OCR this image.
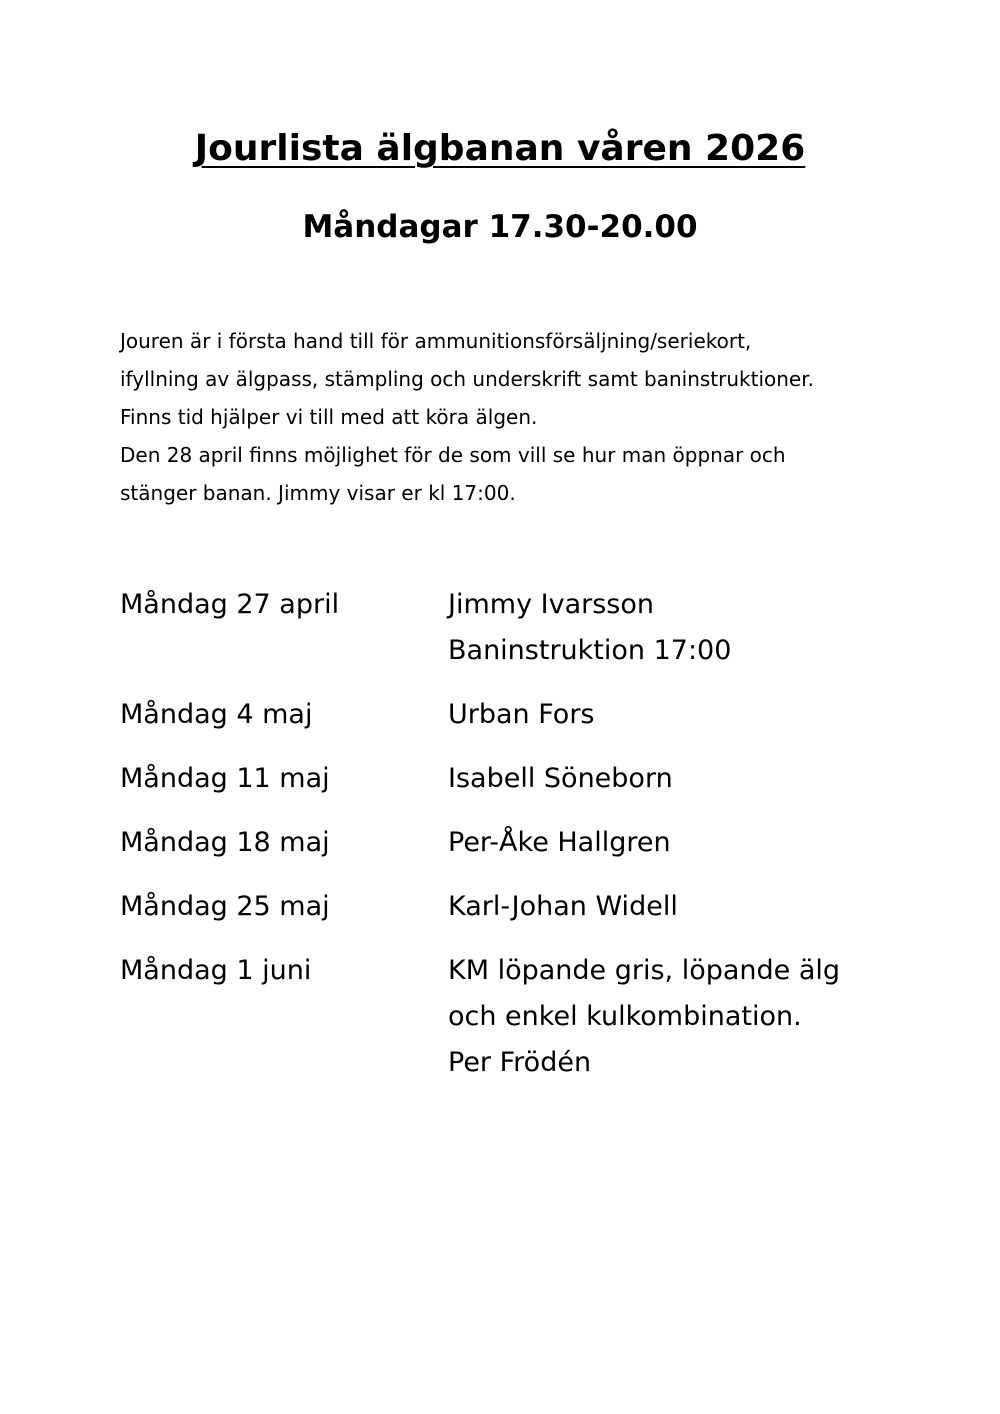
Jourlista älgbanan våren 2026
Måndagar 17.30-20.00
Jouren är i första hand till för ammunitionsförsäljning/seriekort,
ifyllning av älgpass, stämpling och underskrift samt baninstruktioner.
Finns tid hjälper vi till med att köra älgen.
Den 28 april finns möjlighet för de som vill se hur man öppnar och
stänger banan. Jimmy visar er kl 17:00.
Måndag 27 april	Jimmy Ivarsson
Baninstruktion 17:00
Måndag 4 maj	Urban Fors
Måndag 11 maj	Isabell Söneborn
Måndag 18 maj	Per-Åke Hallgren
Måndag 25 maj	Karl-Johan Widell
Måndag 1 juni	KM löpande gris, löpande älg
och enkel kulkombination.
Per Frödén
